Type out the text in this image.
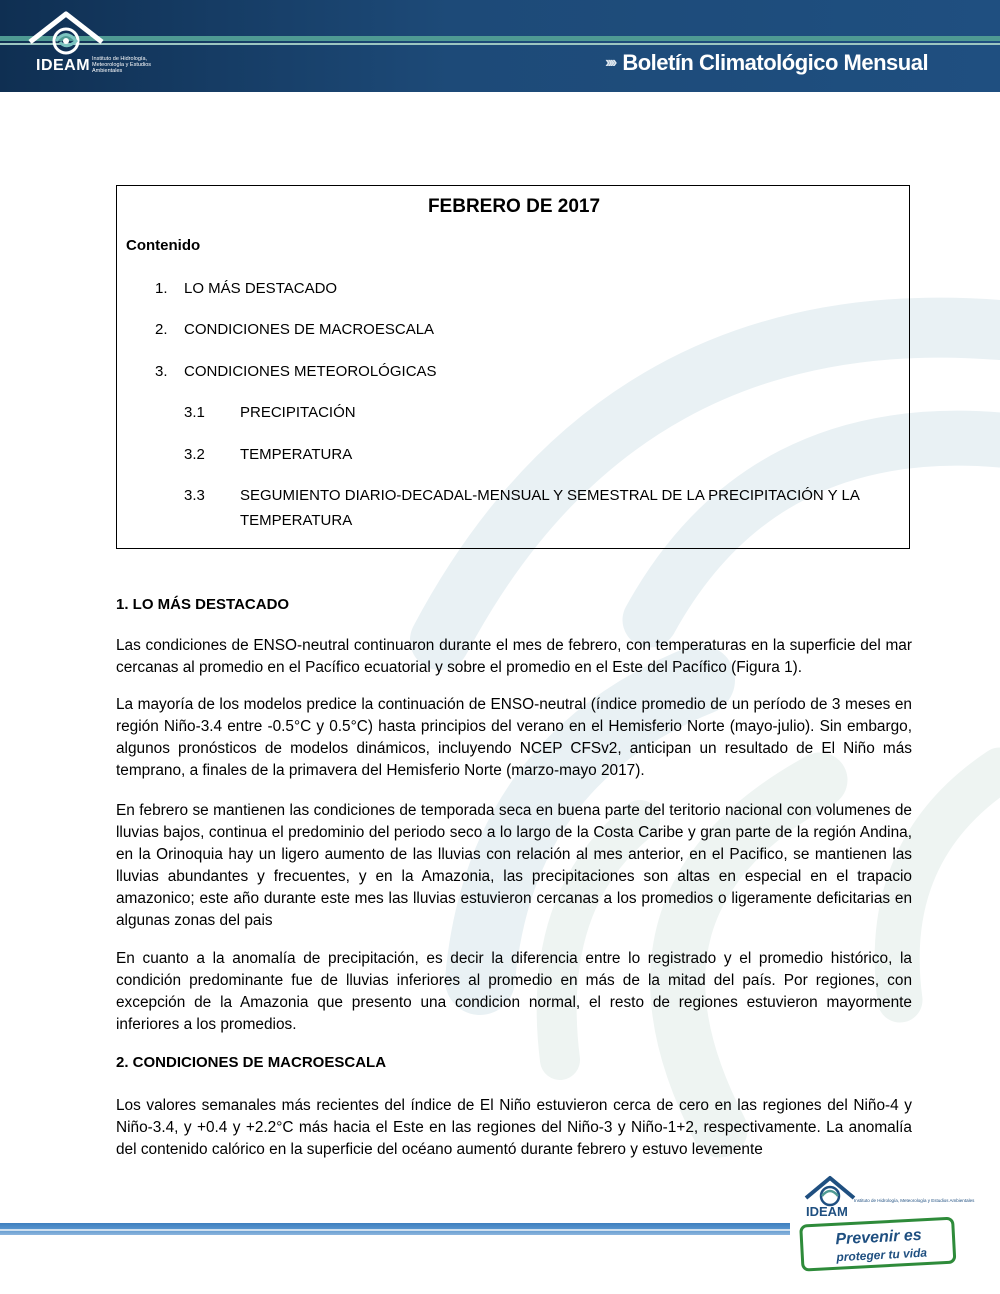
IDEAM Instituto de Hidrología, Meteorología y Estudios Ambientales	›››› Boletín Climatológico Mensual
FEBRERO DE 2017
Contenido
1. LO MÁS DESTACADO
2. CONDICIONES DE MACROESCALA
3. CONDICIONES METEOROLÓGICAS
3.1 PRECIPITACIÓN
3.2 TEMPERATURA
3.3 SEGUMIENTO DIARIO-DECADAL-MENSUAL Y SEMESTRAL DE LA PRECIPITACIÓN Y LA
TEMPERATURA
1. LO MÁS DESTACADO

Las condiciones de ENSO-neutral continuaron durante el mes de febrero, con temperaturas en la superficie del mar cercanas al promedio en el Pacífico ecuatorial y sobre el promedio en el Este del Pacífico (Figura 1).

La mayoría de los modelos predice la continuación de ENSO-neutral (índice promedio de un período de 3 meses en región Niño-3.4 entre -0.5°C y 0.5°C) hasta principios del verano en el Hemisferio Norte (mayo-julio). Sin embargo, algunos pronósticos de modelos dinámicos, incluyendo NCEP CFSv2, anticipan un resultado de El Niño más temprano, a finales de la primavera del Hemisferio Norte (marzo-mayo 2017).

En febrero se mantienen las condiciones de temporada seca en buena parte del teritorio nacional con volumenes de lluvias bajos, continua el predominio del periodo seco a lo largo de la Costa Caribe y gran parte de la región Andina, en la Orinoquia hay un ligero aumento de las lluvias con relación al mes anterior, en el Pacifico, se mantienen las lluvias abundantes y frecuentes, y en la Amazonia, las precipitaciones son altas en especial en el trapacio amazonico; este año durante este mes las lluvias estuvieron cercanas a los promedios o ligeramente deficitarias en algunas zonas del pais

En cuanto a la anomalía de precipitación, es decir la diferencia entre lo registrado y el promedio histórico, la condición predominante fue de lluvias inferiores al promedio en más de la mitad del país. Por regiones, con excepción de la Amazonia que presento una condicion normal, el resto de regiones estuvieron mayormente inferiores a los promedios.

2. CONDICIONES DE MACROESCALA

Los valores semanales más recientes del índice de El Niño estuvieron cerca de cero en las regiones del Niño-4 y Niño-3.4, y +0.4 y +2.2°C más hacia el Este en las regiones del Niño-3 y Niño-1+2, respectivamente. La anomalía del contenido calórico en la superficie del océano aumentó durante febrero y estuvo levemente

IDEAM
Instituto de Hidrología, Meteorología y Estudios Ambientales
Prevenir es
proteger tu vida
